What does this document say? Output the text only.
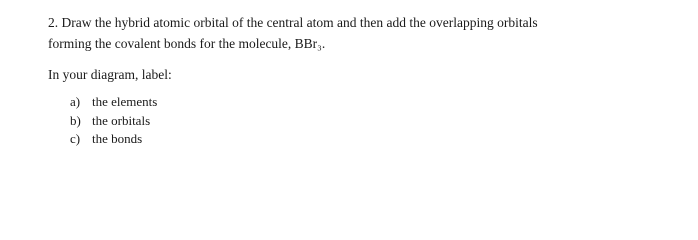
2. Draw the hybrid atomic orbital of the central atom and then add the overlapping orbitals
forming the covalent bonds for the molecule, BBr₃.

In your diagram, label:

a) the elements
b) the orbitals
c) the bonds
